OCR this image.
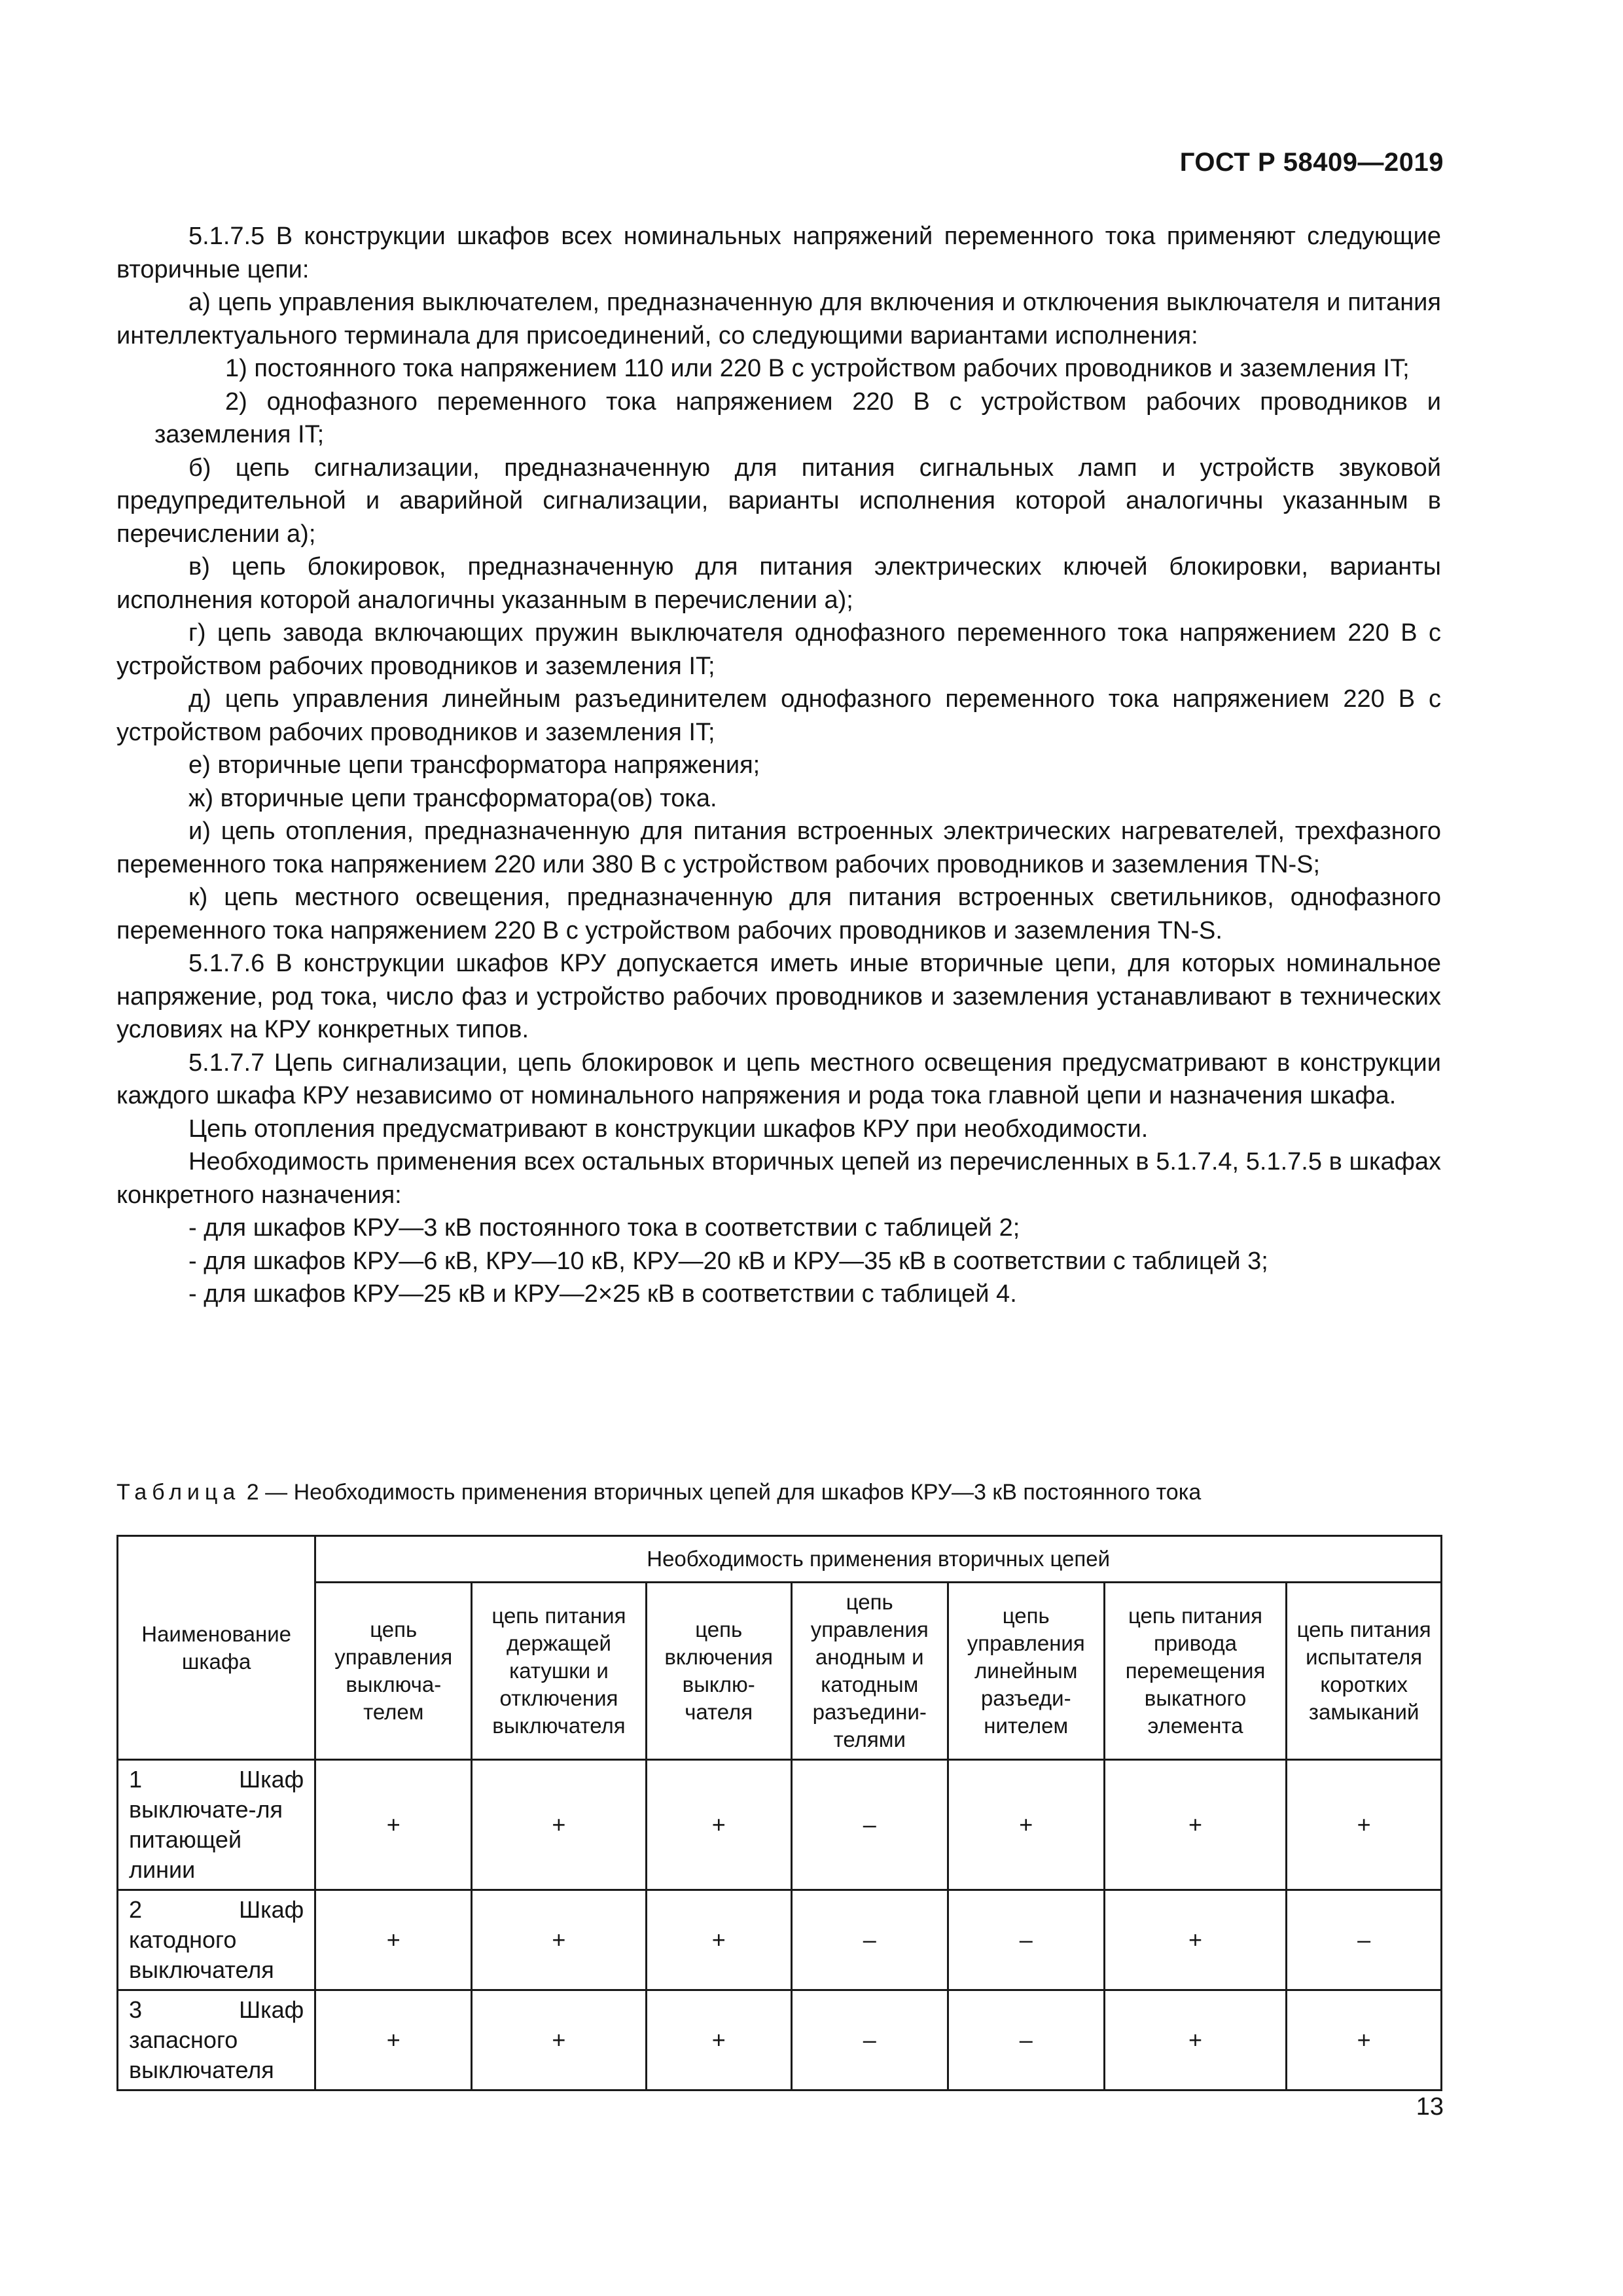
ГОСТ Р 58409—2019

5.1.7.5 В конструкции шкафов всех номинальных напряжений переменного тока применяют следующие вторичные цепи:

а) цепь управления выключателем, предназначенную для включения и отключения выключателя и питания интеллектуального терминала для присоединений, со следующими вариантами исполнения:

1) постоянного тока напряжением 110 или 220 В с устройством рабочих проводников и заземления IT;

2) однофазного переменного тока напряжением 220 В с устройством рабочих проводников и заземления IT;

б) цепь сигнализации, предназначенную для питания сигнальных ламп и устройств звуковой предупредительной и аварийной сигнализации, варианты исполнения которой аналогичны указанным в перечислении а);

в) цепь блокировок, предназначенную для питания электрических ключей блокировки, варианты исполнения которой аналогичны указанным в перечислении а);

г) цепь завода включающих пружин выключателя однофазного переменного тока напряжением 220 В с устройством рабочих проводников и заземления IT;

д) цепь управления линейным разъединителем однофазного переменного тока напряжением 220 В с устройством рабочих проводников и заземления IT;

е) вторичные цепи трансформатора напряжения;

ж) вторичные цепи трансформатора(ов) тока.

и) цепь отопления, предназначенную для питания встроенных электрических нагревателей, трехфазного переменного тока напряжением 220 или 380 В с устройством рабочих проводников и заземления TN-S;

к) цепь местного освещения, предназначенную для питания встроенных светильников, однофазного переменного тока напряжением 220 В с устройством рабочих проводников и заземления TN-S.

5.1.7.6 В конструкции шкафов КРУ допускается иметь иные вторичные цепи, для которых номинальное напряжение, род тока, число фаз и устройство рабочих проводников и заземления устанавливают в технических условиях на КРУ конкретных типов.

5.1.7.7 Цепь сигнализации, цепь блокировок и цепь местного освещения предусматривают в конструкции каждого шкафа КРУ независимо от номинального напряжения и рода тока главной цепи и назначения шкафа.

Цепь отопления предусматривают в конструкции шкафов КРУ при необходимости.

Необходимость применения всех остальных вторичных цепей из перечисленных в 5.1.7.4, 5.1.7.5 в шкафах конкретного назначения:

- для шкафов КРУ—3 кВ постоянного тока в соответствии с таблицей 2;

- для шкафов КРУ—6 кВ, КРУ—10 кВ, КРУ—20 кВ и КРУ—35 кВ в соответствии с таблицей 3;

- для шкафов КРУ—25 кВ и КРУ—2×25 кВ в соответствии с таблицей 4.

Таблица 2 — Необходимость применения вторичных цепей для шкафов КРУ—3 кВ постоянного тока
Наименование шкафа	Необходимость применения вторичных цепей						
	цепь управления выключа-телем	цепь питания держащей катушки и отключения выключателя	цепь включения выклю-чателя	цепь управления анодным и катодным разъедини-телями	цепь управления линейным разъеди-нителем	цепь питания привода перемещения выкатного элемента	цепь питания испытателя коротких замыканий
1 Шкаф выключате-ля питающей линии	+	+	+	–	+	+	+
2 Шкаф катодного выключателя	+	+	+	–	–	+	–
3 Шкаф запасного выключателя	+	+	+	–	–	+	+
13
